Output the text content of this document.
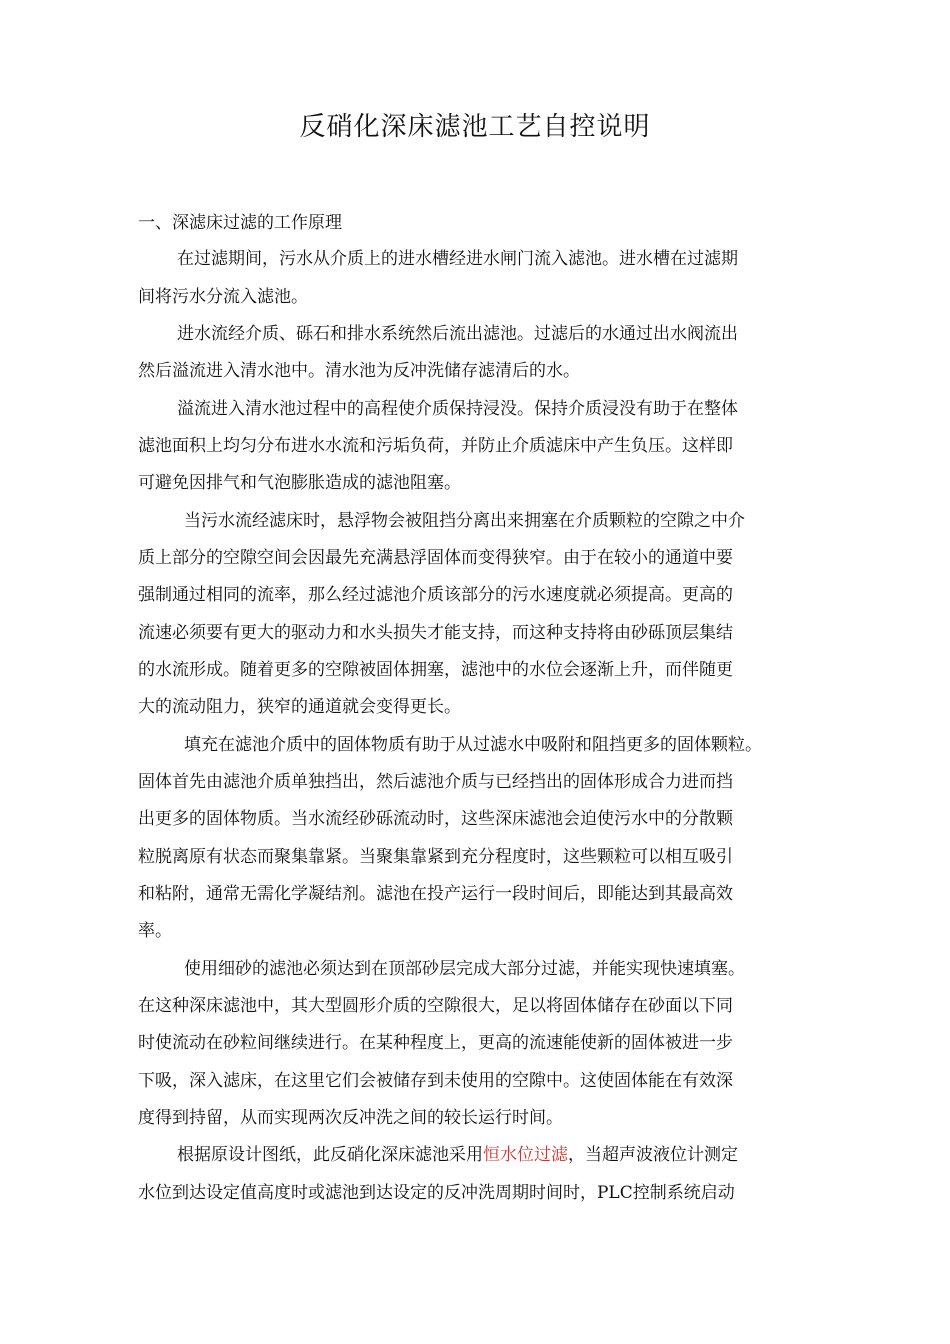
反硝化深床滤池工艺自控说明
一、深滤床过滤的工作原理

在过滤期间，污水从介质上的进水槽经进水闸门流入滤池。进水槽在过滤期

间将污水分流入滤池。

进水流经介质、砾石和排水系统然后流出滤池。过滤后的水通过出水阀流出

然后溢流进入清水池中。清水池为反冲洗储存滤清后的水。

溢流进入清水池过程中的高程使介质保持浸没。保持介质浸没有助于在整体

滤池面积上均匀分布进水水流和污垢负荷，并防止介质滤床中产生负压。这样即

可避免因排气和气泡膨胀造成的滤池阻塞。

当污水流经滤床时，悬浮物会被阻挡分离出来拥塞在介质颗粒的空隙之中介

质上部分的空隙空间会因最先充满悬浮固体而变得狭窄。由于在较小的通道中要

强制通过相同的流率，那么经过滤池介质该部分的污水速度就必须提高。更高的

流速必须要有更大的驱动力和水头损失才能支持，而这种支持将由砂砾顶层集结

的水流形成。随着更多的空隙被固体拥塞，滤池中的水位会逐渐上升，而伴随更

大的流动阻力，狭窄的通道就会变得更长。

填充在滤池介质中的固体物质有助于从过滤水中吸附和阻挡更多的固体颗粒。

固体首先由滤池介质单独挡出，然后滤池介质与已经挡出的固体形成合力进而挡

出更多的固体物质。当水流经砂砾流动时，这些深床滤池会迫使污水中的分散颗

粒脱离原有状态而聚集靠紧。当聚集靠紧到充分程度时，这些颗粒可以相互吸引

和粘附，通常无需化学凝结剂。滤池在投产运行一段时间后，即能达到其最高效

率。

使用细砂的滤池必须达到在顶部砂层完成大部分过滤，并能实现快速填塞。

在这种深床滤池中，其大型圆形介质的空隙很大，足以将固体储存在砂面以下同

时使流动在砂粒间继续进行。在某种程度上，更高的流速能使新的固体被进一步

下吸，深入滤床，在这里它们会被储存到未使用的空隙中。这使固体能在有效深

度得到持留，从而实现两次反冲洗之间的较长运行时间。

根据原设计图纸，此反硝化深床滤池采用恒水位过滤，当超声波液位计测定

水位到达设定值高度时或滤池到达设定的反冲洗周期时间时，PLC控制系统启动
